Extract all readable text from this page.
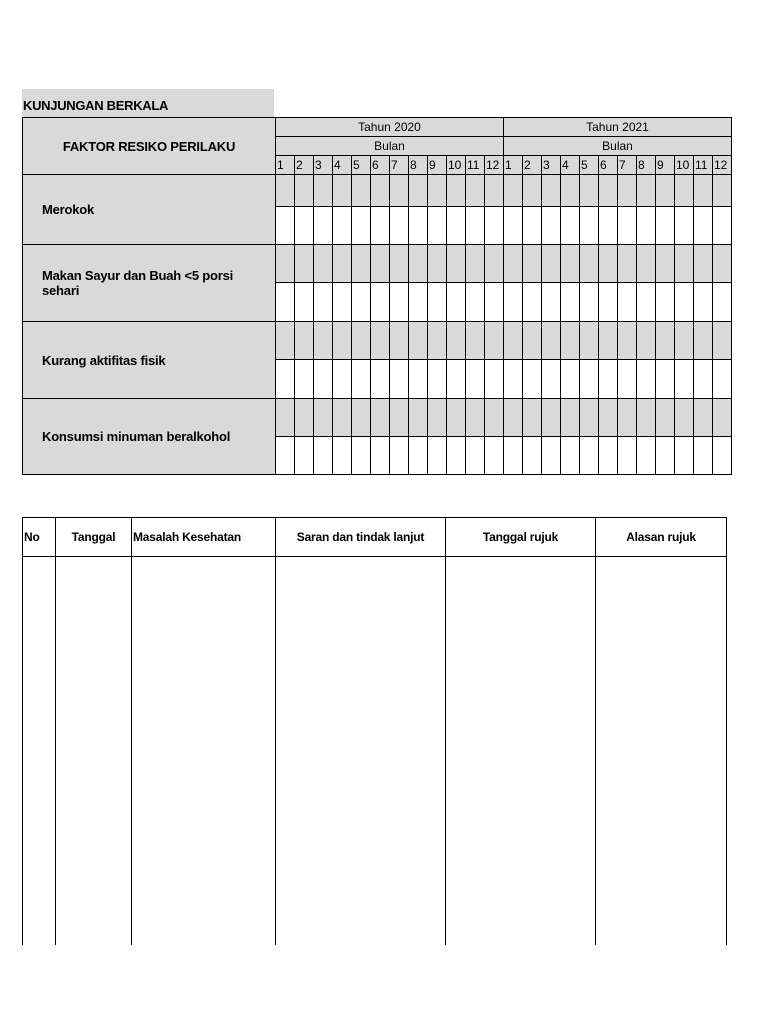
KUNJUNGAN BERKALA
FAKTOR RESIKO PERILAKU	Tahun 2020												Tahun 2021											
	Bulan												Bulan											
	1	2	3	4	5	6	7	8	9	10	11	12	1	2	3	4	5	6	7	8	9	10	11	12
Merokok																								

Makan Sayur dan Buah <5 porsi sehari																								

Kurang aktifitas fisik																								

Konsumsi minuman beralkohol																								

No	Tanggal	Masalah Kesehatan	Saran dan tindak lanjut	Tanggal rujuk	Alasan rujuk
